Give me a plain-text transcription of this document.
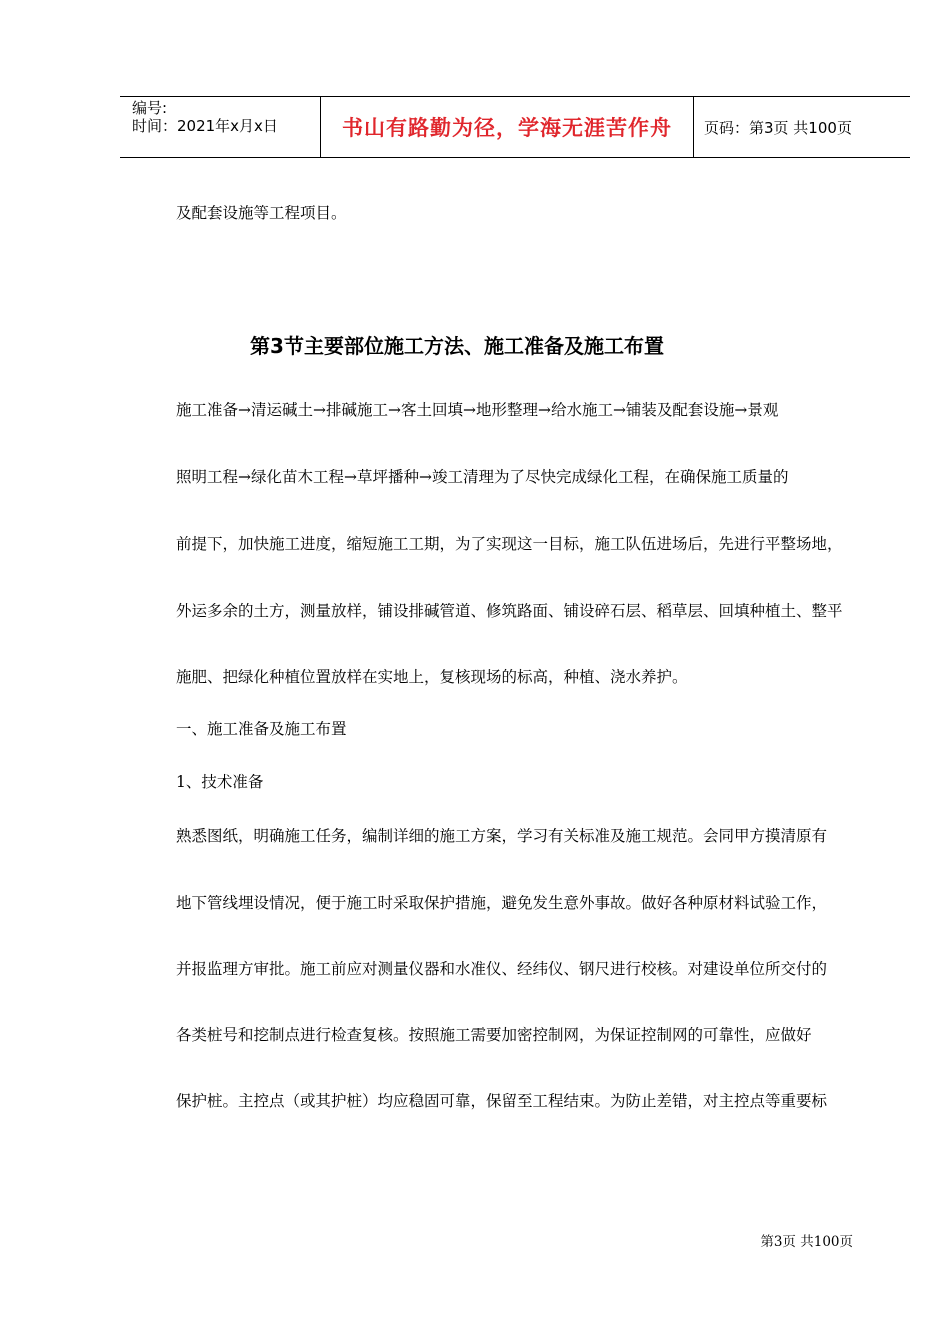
编号:
时间：2021年x月x日	书山有路勤为径，学海无涯苦作舟	页码：第3页 共100页
及配套设施等工程项目。
第3节主要部位施工方法、施工准备及施工布置
施工准备→清运碱土→排碱施工→客土回填→地形整理→给水施工→铺装及配套设施→景观
照明工程→绿化苗木工程→草坪播种→竣工清理为了尽快完成绿化工程，在确保施工质量的
前提下，加快施工进度，缩短施工工期，为了实现这一目标，施工队伍进场后，先进行平整场地，
外运多余的土方，测量放样，铺设排碱管道、修筑路面、铺设碎石层、稻草层、回填种植土、整平
施肥、把绿化种植位置放样在实地上，复核现场的标高，种植、浇水养护。
一、施工准备及施工布置
1、技术准备
熟悉图纸，明确施工任务，编制详细的施工方案，学习有关标准及施工规范。会同甲方摸清原有
地下管线埋设情况，便于施工时采取保护措施，避免发生意外事故。做好各种原材料试验工作，
并报监理方审批。施工前应对测量仪器和水准仪、经纬仪、钢尺进行校核。对建设单位所交付的
各类桩号和挖制点进行检查复核。按照施工需要加密控制网，为保证控制网的可靠性，应做好
保护桩。主控点（或其护桩）均应稳固可靠，保留至工程结束。为防止差错，对主控点等重要标
第3页 共100页
